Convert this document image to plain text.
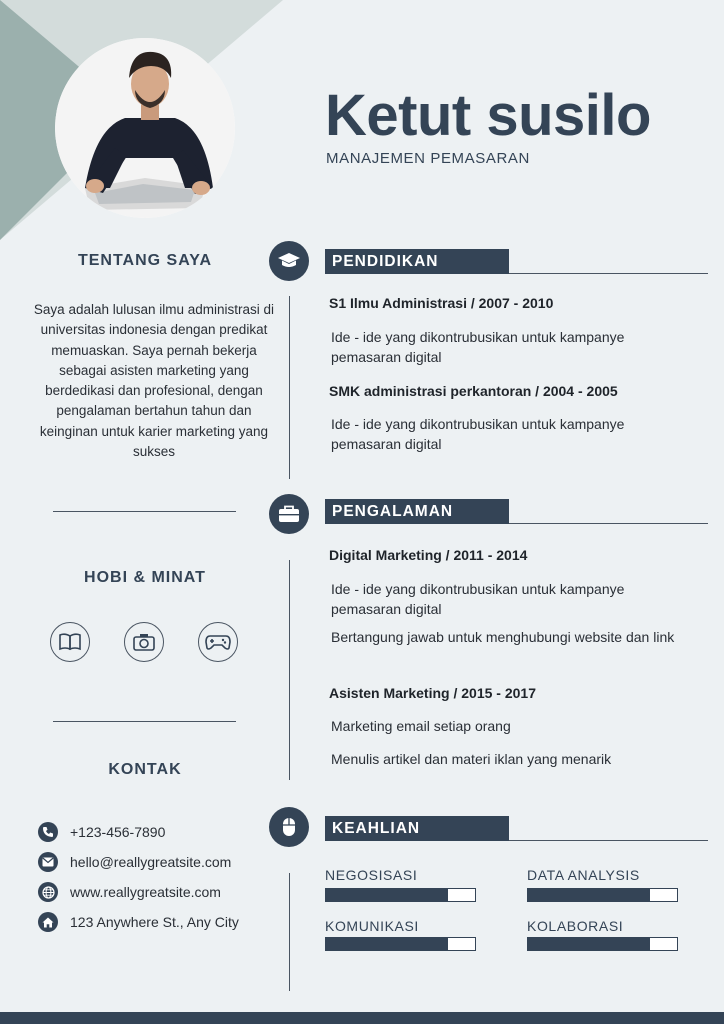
Ketut susilo
MANAJEMEN PEMASARAN
TENTANG SAYA
Saya adalah lulusan ilmu administrasi di universitas indonesia dengan predikat memuaskan. Saya pernah bekerja sebagai asisten marketing yang berdedikasi dan profesional, dengan pengalaman bertahun tahun dan keinginan untuk karier marketing yang sukses
HOBI & MINAT
KONTAK
+123-456-7890
hello@reallygreatsite.com
www.reallygreatsite.com
123 Anywhere St., Any City
PENDIDIKAN
S1 Ilmu Administrasi / 2007 - 2010
Ide - ide yang dikontrubusikan untuk kampanye pemasaran digital
SMK administrasi perkantoran / 2004 - 2005
Ide - ide yang dikontrubusikan untuk kampanye pemasaran digital
PENGALAMAN
Digital Marketing / 2011 - 2014
Ide - ide yang dikontrubusikan untuk kampanye pemasaran digital
Bertangung jawab untuk menghubungi website dan link
Asisten Marketing / 2015 - 2017
Marketing email setiap orang
Menulis artikel dan materi iklan yang menarik
KEAHLIAN
NEGOSISASI	DATA ANALYSIS
KOMUNIKASI	KOLABORASI
